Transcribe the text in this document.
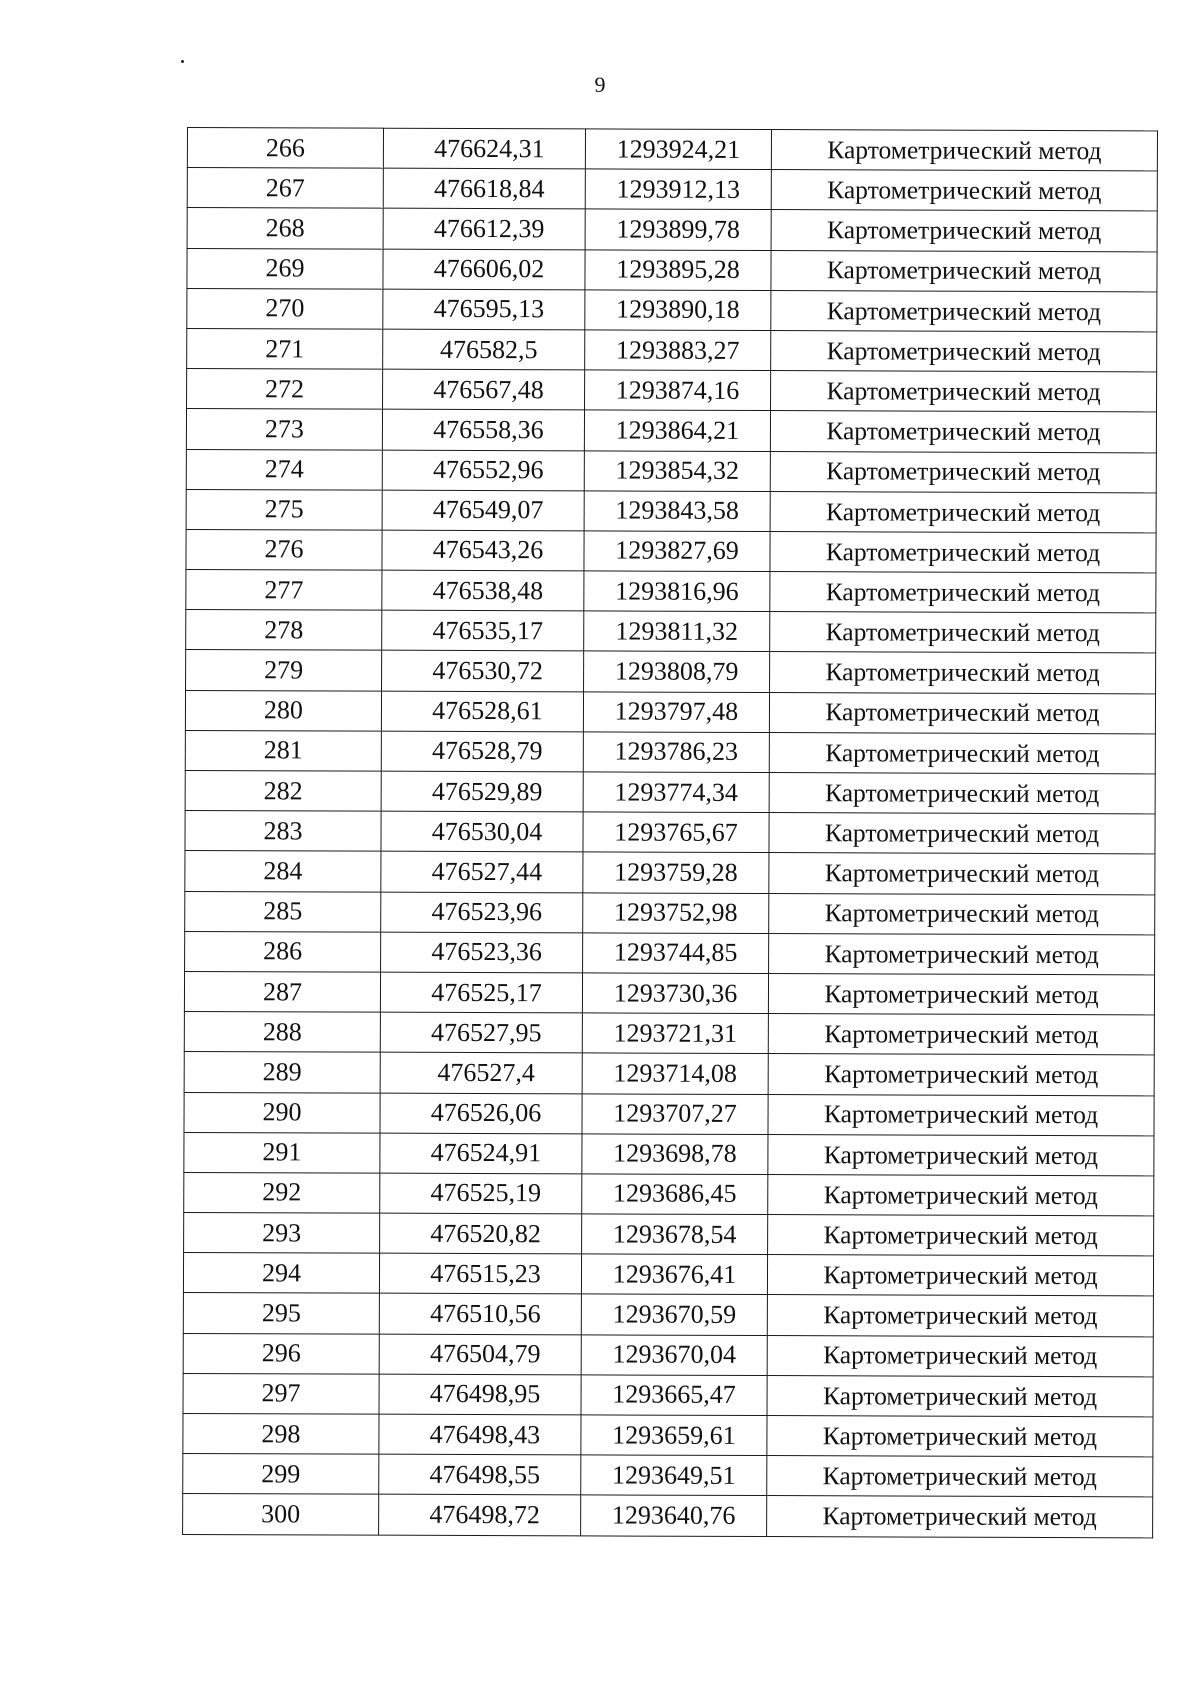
9
266	476624,31	1293924,21	Картометрический метод
267	476618,84	1293912,13	Картометрический метод
268	476612,39	1293899,78	Картометрический метод
269	476606,02	1293895,28	Картометрический метод
270	476595,13	1293890,18	Картометрический метод
271	476582,5	1293883,27	Картометрический метод
272	476567,48	1293874,16	Картометрический метод
273	476558,36	1293864,21	Картометрический метод
274	476552,96	1293854,32	Картометрический метод
275	476549,07	1293843,58	Картометрический метод
276	476543,26	1293827,69	Картометрический метод
277	476538,48	1293816,96	Картометрический метод
278	476535,17	1293811,32	Картометрический метод
279	476530,72	1293808,79	Картометрический метод
280	476528,61	1293797,48	Картометрический метод
281	476528,79	1293786,23	Картометрический метод
282	476529,89	1293774,34	Картометрический метод
283	476530,04	1293765,67	Картометрический метод
284	476527,44	1293759,28	Картометрический метод
285	476523,96	1293752,98	Картометрический метод
286	476523,36	1293744,85	Картометрический метод
287	476525,17	1293730,36	Картометрический метод
288	476527,95	1293721,31	Картометрический метод
289	476527,4	1293714,08	Картометрический метод
290	476526,06	1293707,27	Картометрический метод
291	476524,91	1293698,78	Картометрический метод
292	476525,19	1293686,45	Картометрический метод
293	476520,82	1293678,54	Картометрический метод
294	476515,23	1293676,41	Картометрический метод
295	476510,56	1293670,59	Картометрический метод
296	476504,79	1293670,04	Картометрический метод
297	476498,95	1293665,47	Картометрический метод
298	476498,43	1293659,61	Картометрический метод
299	476498,55	1293649,51	Картометрический метод
300	476498,72	1293640,76	Картометрический метод
